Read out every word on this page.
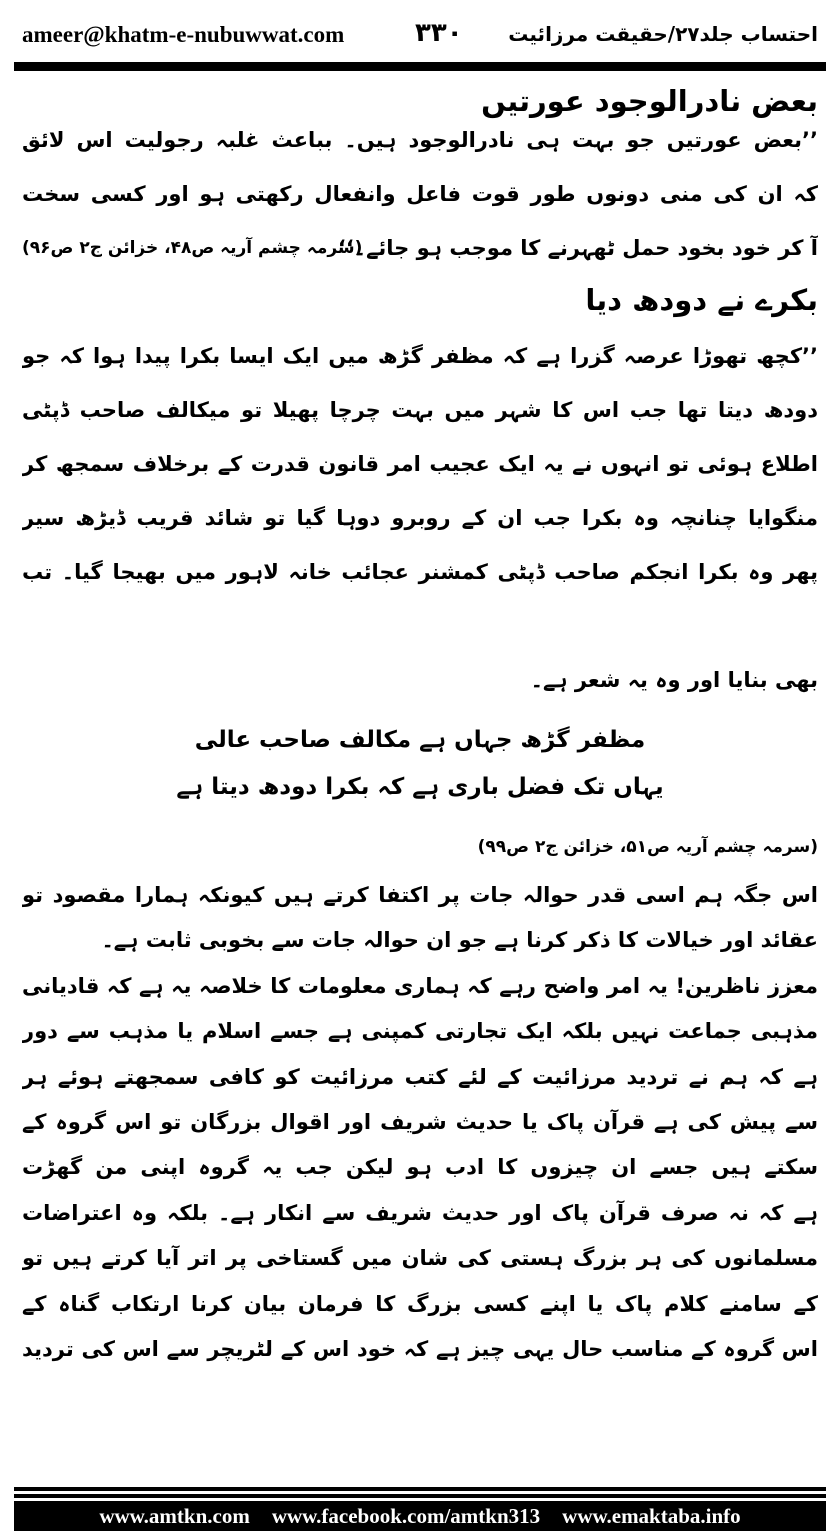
ameer@khatm-e-nubuwwat.com	۳۳۰ احتساب جلد۲۷/حقیقت مرزائیت
بعض نادرالوجود عورتیں
’’بعض عورتیں جو بہت ہی نادرالوجود ہیں۔ بباعث غلبہ رجولیت اس لائق
کہ ان کی منی دونوں طور قوت فاعل وانفعال رکھتی ہو اور کسی سخت
آ کر خود بخود حمل ٹھہرنے کا موجب ہو جائے۔‘‘
(سرمہ چشم آریہ ص۴۸، خزائن ج۲ ص۹۶)
بکرے نے دودھ دیا
’’کچھ تھوڑا عرصہ گزرا ہے کہ مظفر گڑھ میں ایک ایسا بکرا پیدا ہوا کہ جو
دودھ دیتا تھا جب اس کا شہر میں بہت چرچا پھیلا تو میکالف صاحب ڈپٹی
اطلاع ہوئی تو انہوں نے یہ ایک عجیب امر قانون قدرت کے برخلاف سمجھ کر
منگوایا چنانچہ وہ بکرا جب ان کے روبرو دوہا گیا تو شائد قریب ڈیڑھ سیر
پھر وہ بکرا انجکم صاحب ڈپٹی کمشنر عجائب خانہ لاہور میں بھیجا گیا۔ تب
بھی بنایا اور وہ یہ شعر ہے۔
مظفر گڑھ جہاں ہے مکالف صاحب عالی
یہاں تک فضل باری ہے کہ بکرا دودھ دیتا ہے
(سرمہ چشم آریہ ص۵۱، خزائن ج۲ ص۹۹)
اس جگہ ہم اسی قدر حوالہ جات پر اکتفا کرتے ہیں کیونکہ ہمارا مقصود تو
عقائد اور خیالات کا ذکر کرنا ہے جو ان حوالہ جات سے بخوبی ثابت ہے۔
معزز ناظرین! یہ امر واضح رہے کہ ہماری معلومات کا خلاصہ یہ ہے کہ قادیانی
مذہبی جماعت نہیں بلکہ ایک تجارتی کمپنی ہے جسے اسلام یا مذہب سے دور
ہے کہ ہم نے تردید مرزائیت کے لئے کتب مرزائیت کو کافی سمجھتے ہوئے ہر
سے پیش کی ہے قرآن پاک یا حدیث شریف اور اقوال بزرگان تو اس گروہ کے
سکتے ہیں جسے ان چیزوں کا ادب ہو لیکن جب یہ گروہ اپنی من گھڑت
ہے کہ نہ صرف قرآن پاک اور حدیث شریف سے انکار ہے۔ بلکہ وہ اعتراضات
مسلمانوں کی ہر بزرگ ہستی کی شان میں گستاخی پر اتر آیا کرتے ہیں تو
کے سامنے کلام پاک یا اپنے کسی بزرگ کا فرمان بیان کرنا ارتکاب گناہ کے
اس گروہ کے مناسب حال یہی چیز ہے کہ خود اس کے لٹریچر سے اس کی تردید
www.amtkn.com www.facebook.com/amtkn313 www.emaktaba.info
